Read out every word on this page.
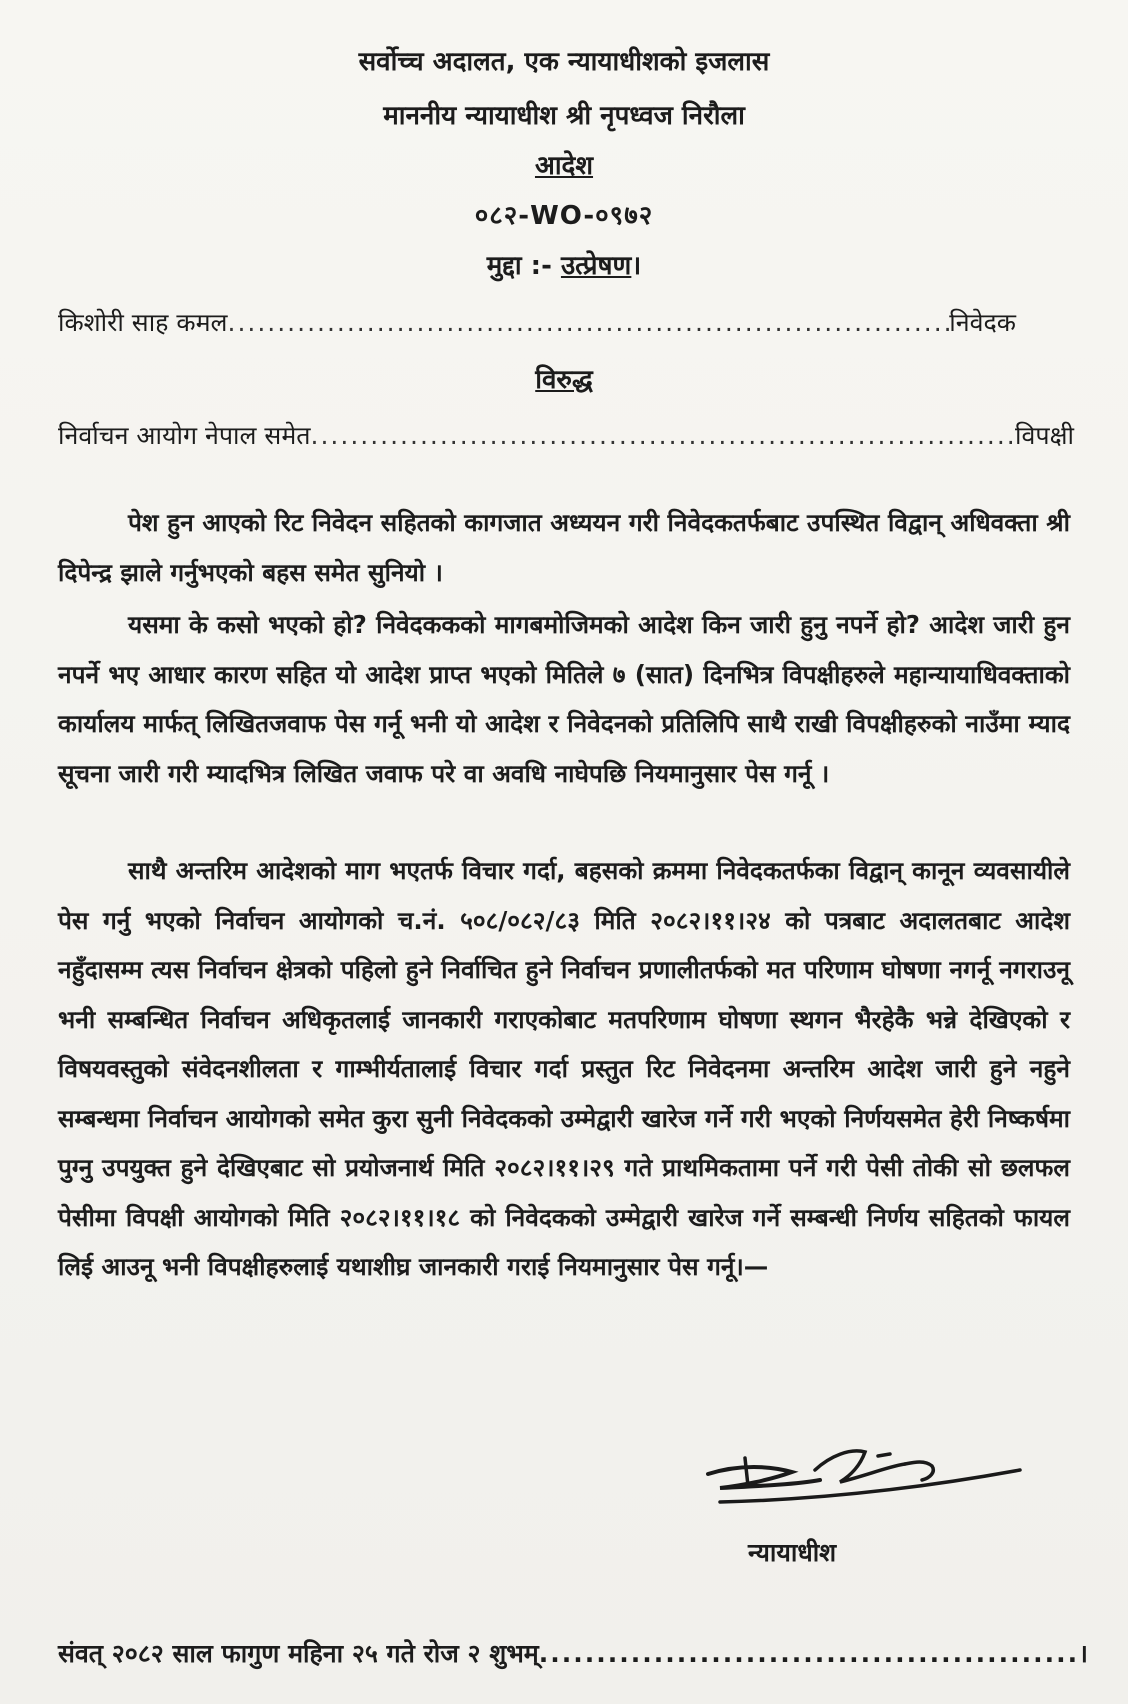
सर्वोच्च अदालत, एक न्यायाधीशको इजलास
माननीय न्यायाधीश श्री नृपध्वज निरौला
आदेश
०८२-WO-०९७२
मुद्दा :- उत्प्रेषण।
किशोरी साह कमल .....	निवेदक
विरुद्ध
निर्वाचन आयोग नेपाल समेत .....	विपक्षी
पेश हुन आएको रिट निवेदन सहितको कागजात अध्ययन गरी निवेदकतर्फबाट उपस्थित विद्वान् अधिवक्ता श्री दिपेन्द्र झाले गर्नुभएको बहस समेत सुनियो ।
यसमा के कसो भएको हो? निवेदककको मागबमोजिमको आदेश किन जारी हुनु नपर्ने हो? आदेश जारी हुन नपर्ने भए आधार कारण सहित यो आदेश प्राप्त भएको मितिले ७ (सात) दिनभित्र विपक्षीहरुले महान्यायाधिवक्ताको कार्यालय मार्फत् लिखितजवाफ पेस गर्नू भनी यो आदेश र निवेदनको प्रतिलिपि साथै राखी विपक्षीहरुको नाउँमा म्याद सूचना जारी गरी म्यादभित्र लिखित जवाफ परे वा अवधि नाघेपछि नियमानुसार पेस गर्नू ।
साथै अन्तरिम आदेशको माग भएतर्फ विचार गर्दा, बहसको क्रममा निवेदकतर्फका विद्वान् कानून व्यवसायीले पेस गर्नु भएको निर्वाचन आयोगको च.नं. ५०८/०८२/८३ मिति २०८२।११।२४ को पत्रबाट अदालतबाट आदेश नहुँदासम्म त्यस निर्वाचन क्षेत्रको पहिलो हुने निर्वाचित हुने निर्वाचन प्रणालीतर्फको मत परिणाम घोषणा नगर्नू नगराउनू भनी सम्बन्धित निर्वाचन अधिकृतलाई जानकारी गराएकोबाट मतपरिणाम घोषणा स्थगन भैरहेकै भन्ने देखिएको र विषयवस्तुको संवेदनशीलता र गाम्भीर्यतालाई विचार गर्दा प्रस्तुत रिट निवेदनमा अन्तरिम आदेश जारी हुने नहुने सम्बन्धमा निर्वाचन आयोगको समेत कुरा सुनी निवेदकको उम्मेद्वारी खारेज गर्ने गरी भएको निर्णयसमेत हेरी निष्कर्षमा पुग्नु उपयुक्त हुने देखिएबाट सो प्रयोजनार्थ मिति २०८२।११।२९ गते प्राथमिकतामा पर्ने गरी पेसी तोकी सो छलफल पेसीमा विपक्षी आयोगको मिति २०८२।११।१८ को निवेदकको उम्मेद्वारी खारेज गर्ने सम्बन्धी निर्णय सहितको फायल लिई आउनू भनी विपक्षीहरुलाई यथाशीघ्र जानकारी गराई नियमानुसार पेस गर्नू।—
न्यायाधीश
संवत् २०८२ साल फागुण महिना २५ गते रोज २ शुभम् .....	।
